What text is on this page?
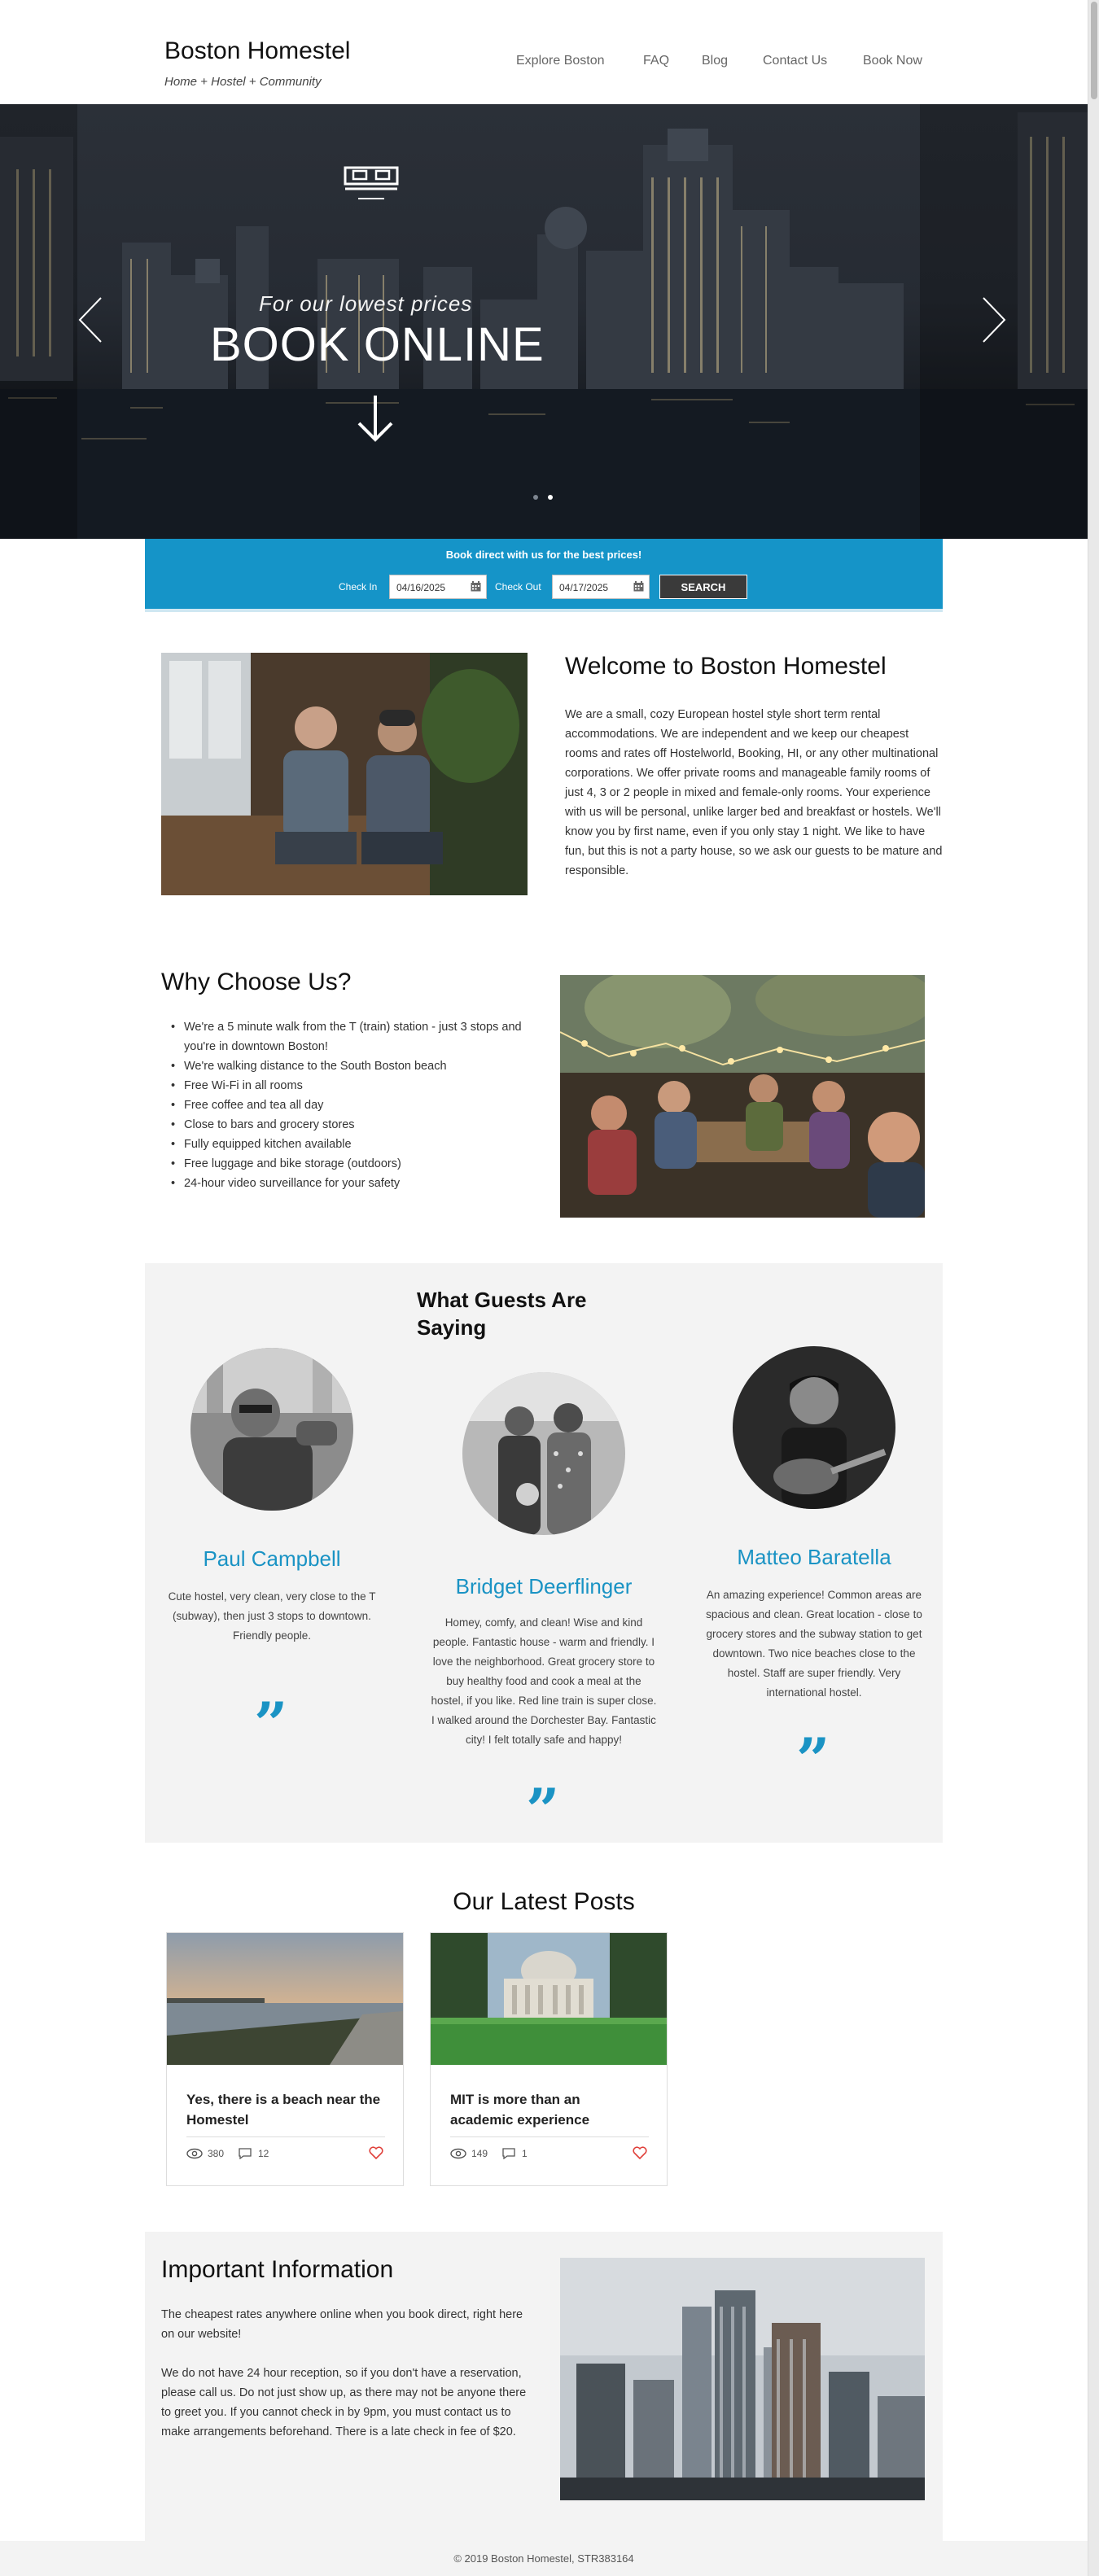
Boston Homestel
Home + Hostel + Community
Explore Boston	FAQ Blog	Contact Us	Book Now
For our lowest prices
BOOK ONLINE
Book direct with us for the best prices!
Check In	04/16/2025	Check Out	04/17/2025	SEARCH
Welcome to Boston Homestel
We are a small, cozy European hostel style short term rental accommodations. We are independent and we keep our cheapest rooms and rates off Hostelworld, Booking, HI, or any other multinational corporations. We offer private rooms and manageable family rooms of just 4, 3 or 2 people in mixed and female-only rooms. Your experience with us will be personal, unlike larger bed and breakfast or hostels. We'll know you by first name, even if you only stay 1 night. We like to have fun, but this is not a party house, so we ask our guests to be mature and responsible.
Why Choose Us?
• We're a 5 minute walk from the T (train) station - just 3 stops and you're in downtown Boston!
• We're walking distance to the South Boston beach
• Free Wi-Fi in all rooms
• Free coffee and tea all day
• Close to bars and grocery stores
• Fully equipped kitchen available
• Free luggage and bike storage (outdoors)
• 24-hour video surveillance for your safety
What Guests Are Saying
Paul Campbell
Cute hostel, very clean, very close to the T (subway), then just 3 stops to downtown. Friendly people.
”
Bridget Deerflinger
Homey, comfy, and clean! Wise and kind people. Fantastic house - warm and friendly. I love the neighborhood. Great grocery store to buy healthy food and cook a meal at the hostel, if you like. Red line train is super close. I walked around the Dorchester Bay. Fantastic city! I felt totally safe and happy!
”
Matteo Baratella
An amazing experience! Common areas are spacious and clean. Great location - close to grocery stores and the subway station to get downtown. Two nice beaches close to the hostel. Staff are super friendly. Very international hostel.
”
Our Latest Posts
Yes, there is a beach near the Homestel
380	12
MIT is more than an academic experience
149	1
Important Information
The cheapest rates anywhere online when you book direct, right here on our website!
We do not have 24 hour reception, so if you don't have a reservation, please call us. Do not just show up, as there may not be anyone there to greet you. If you cannot check in by 9pm, you must contact us to make arrangements beforehand. There is a late check in fee of $20.
© 2019 Boston Homestel, STR383164
